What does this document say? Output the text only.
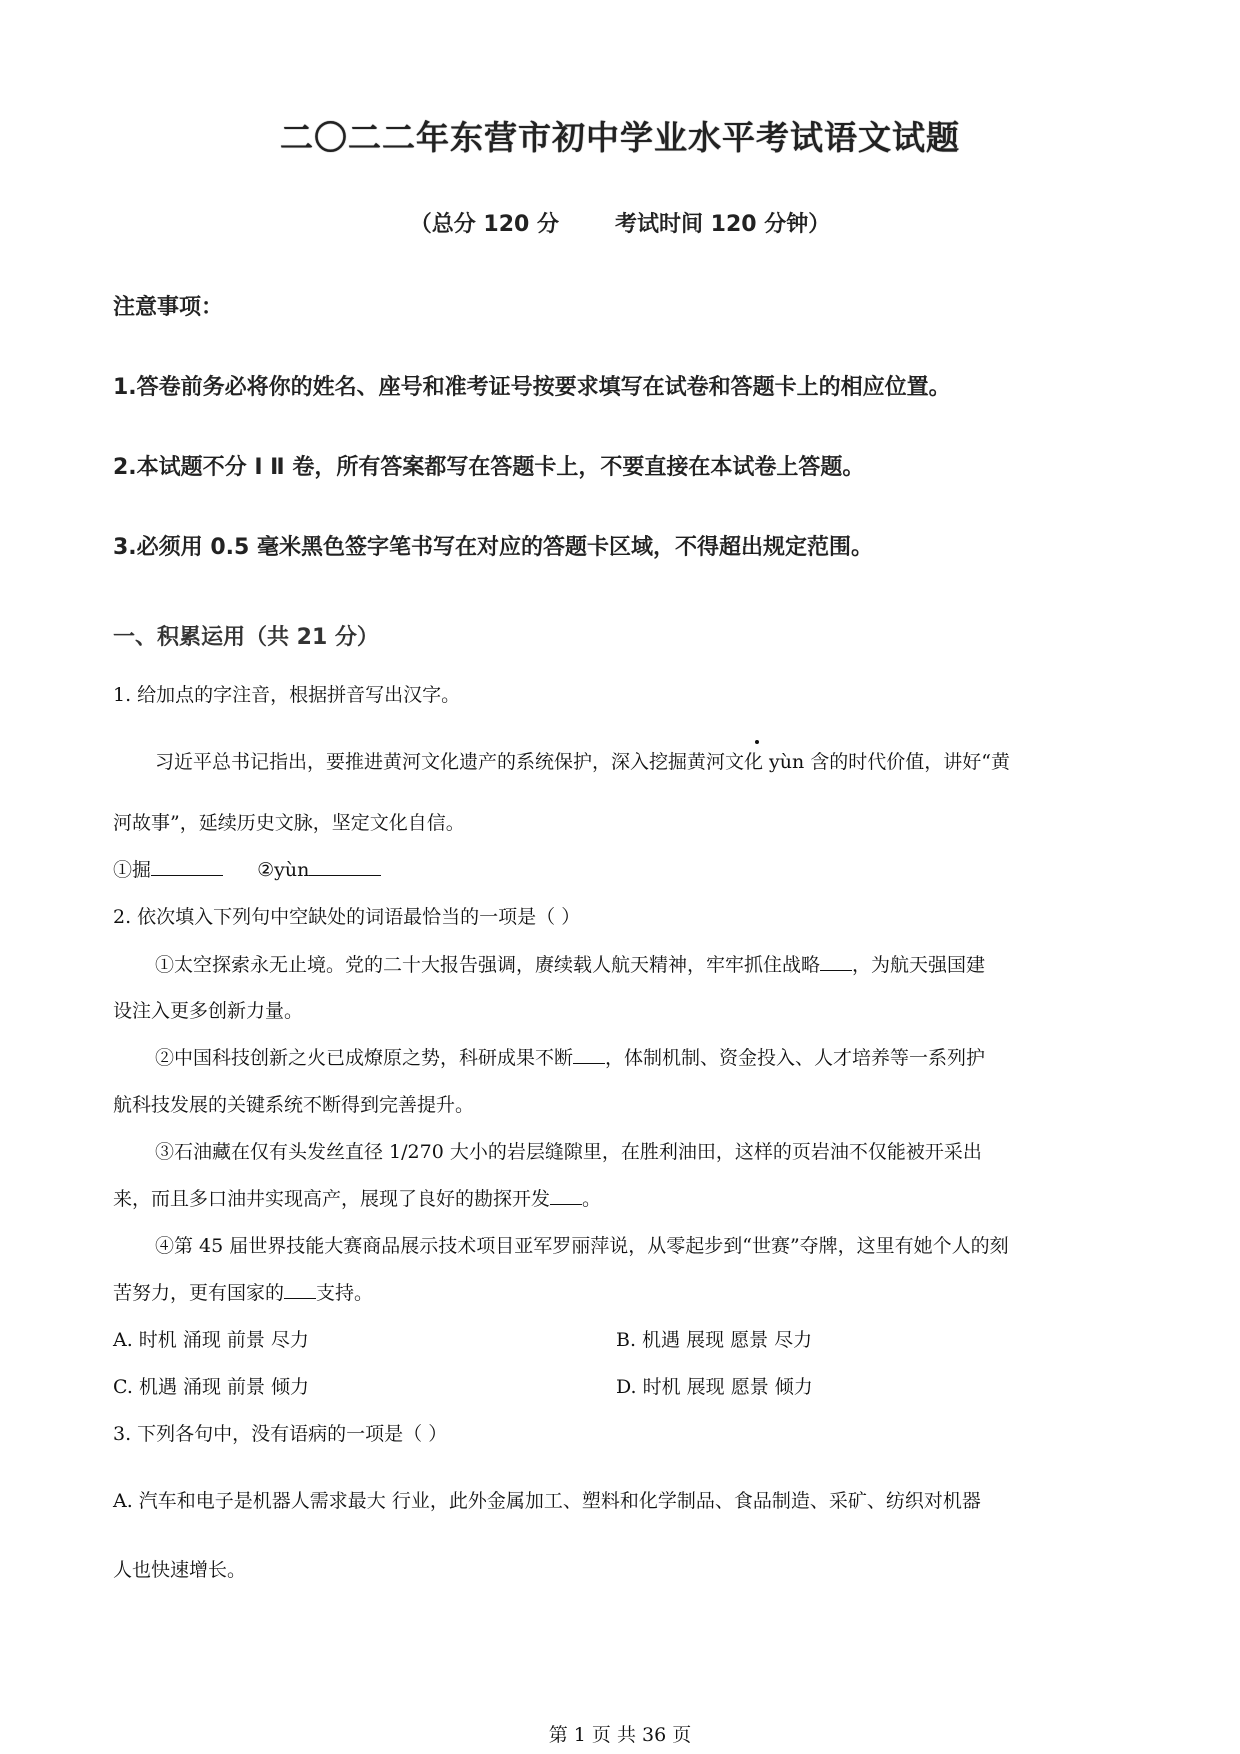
二〇二二年东营市初中学业水平考试语文试题
（总分 120 分	考试时间 120 分钟）
注意事项：
1.答卷前务必将你的姓名、座号和准考证号按要求填写在试卷和答题卡上的相应位置。
2.本试题不分 Ⅰ Ⅱ 卷，所有答案都写在答题卡上，不要直接在本试卷上答题。
3.必须用 0.5 毫米黑色签字笔书写在对应的答题卡区域，不得超出规定范围。
一、积累运用（共 21 分）
1. 给加点的字注音，根据拼音写出汉字。
习近平总书记指出，要推进黄河文化遗产的系统保护，深入挖掘黄河文化 yùn 含的时代价值，讲好“黄
河故事”，延续历史文脉，坚定文化自信。
①掘	②yùn
2. 依次填入下列句中空缺处的词语最恰当的一项是（ ）
①太空探索永无止境。党的二十大报告强调，赓续载人航天精神，牢牢抓住战略 ，为航天强国建
设注入更多创新力量。
②中国科技创新之火已成燎原之势，科研成果不断 ，体制机制、资金投入、人才培养等一系列护
航科技发展的关键系统不断得到完善提升。
③石油藏在仅有头发丝直径 1/270 大小的岩层缝隙里，在胜利油田，这样的页岩油不仅能被开采出
来，而且多口油井实现高产，展现了良好的勘探开发 。
④第 45 届世界技能大赛商品展示技术项目亚军罗丽萍说，从零起步到“世赛”夺牌，这里有她个人的刻
苦努力，更有国家的 支持。
A. 时机 涌现 前景 尽力	B. 机遇 展现 愿景 尽力
C. 机遇 涌现 前景 倾力	D. 时机 展现 愿景 倾力
3. 下列各句中，没有语病的一项是（ ）
A. 汽车和电子是机器人需求最大 行业，此外金属加工、塑料和化学制品、食品制造、采矿、纺织对机器
人也快速增长。
第 1 页 共 36 页
